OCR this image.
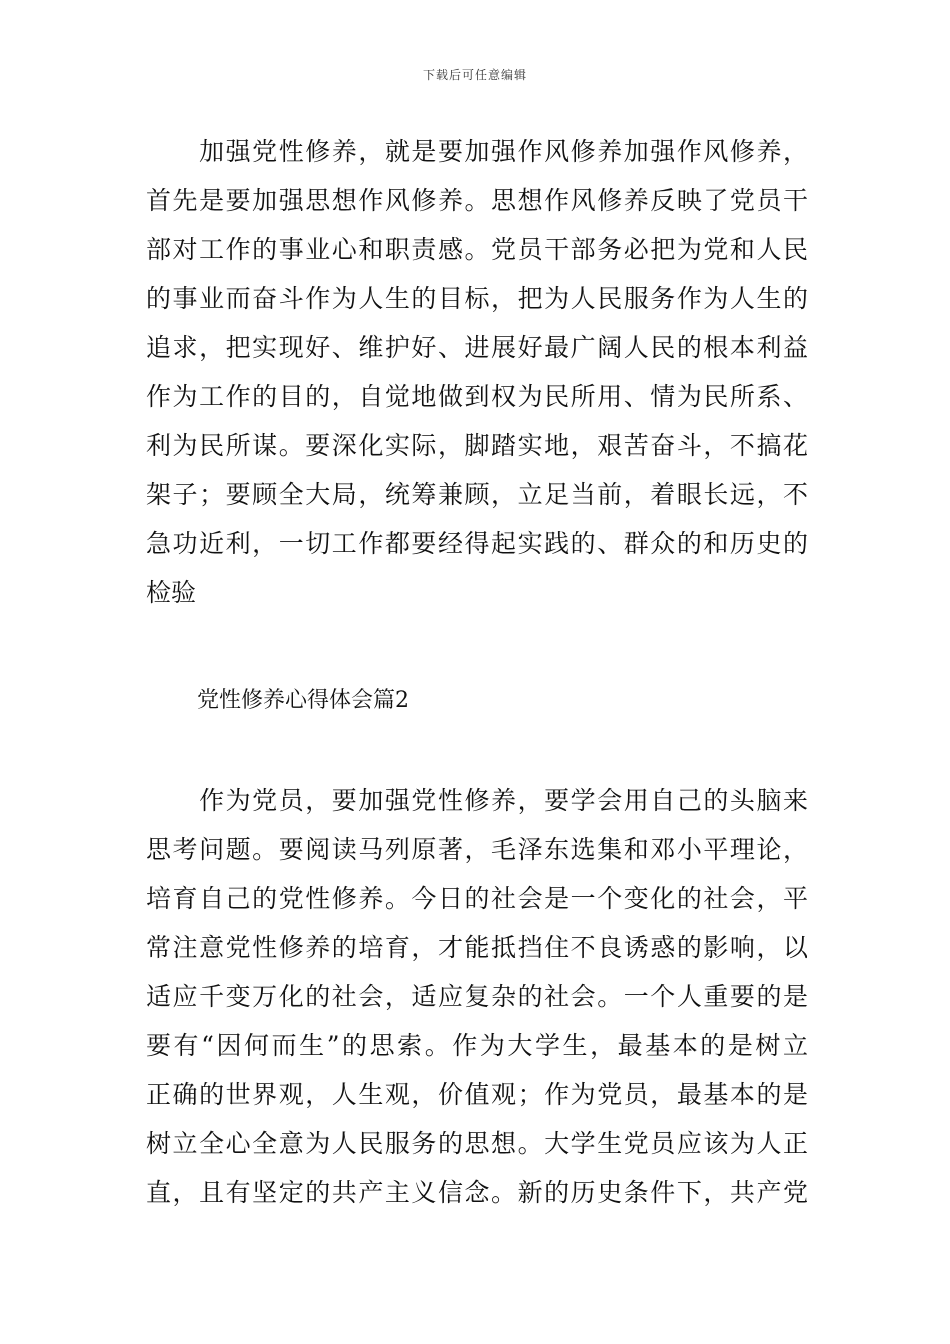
下载后可任意编辑
　　加强党性修养，就是要加强作风修养加强作风修养，
首先是要加强思想作风修养。思想作风修养反映了党员干
部对工作的事业心和职责感。党员干部务必把为党和人民
的事业而奋斗作为人生的目标，把为人民服务作为人生的
追求，把实现好、维护好、进展好最广阔人民的根本利益
作为工作的目的，自觉地做到权为民所用、情为民所系、
利为民所谋。要深化实际，脚踏实地，艰苦奋斗，不搞花
架子；要顾全大局，统筹兼顾，立足当前，着眼长远，不
急功近利，一切工作都要经得起实践的、群众的和历史的
检验
党性修养心得体会篇2
　　作为党员，要加强党性修养，要学会用自己的头脑来
思考问题。要阅读马列原著，毛泽东选集和邓小平理论，
培育自己的党性修养。今日的社会是一个变化的社会，平
常注意党性修养的培育，才能抵挡住不良诱惑的影响，以
适应千变万化的社会，适应复杂的社会。一个人重要的是
要有“因何而生”的思索。作为大学生，最基本的是树立
正确的世界观，人生观，价值观；作为党员，最基本的是
树立全心全意为人民服务的思想。大学生党员应该为人正
直，且有坚定的共产主义信念。新的历史条件下，共产党
